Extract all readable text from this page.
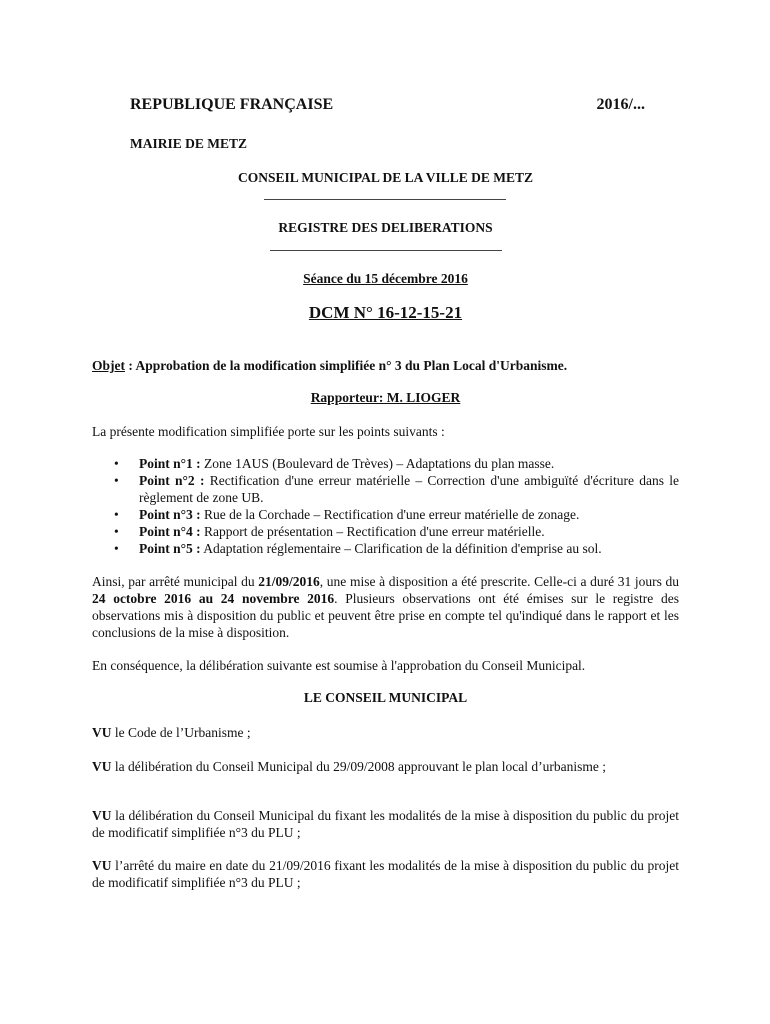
REPUBLIQUE FRANÇAISE	2016/...
MAIRIE DE METZ
CONSEIL MUNICIPAL DE LA VILLE DE METZ
REGISTRE DES DELIBERATIONS
Séance du 15 décembre 2016
DCM N° 16-12-15-21
Objet : Approbation de la modification simplifiée n° 3 du Plan Local d'Urbanisme.
Rapporteur: M. LIOGER
La présente modification simplifiée porte sur les points suivants :
• Point n°1 : Zone 1AUS (Boulevard de Trèves) – Adaptations du plan masse.
• Point n°2 : Rectification d'une erreur matérielle – Correction d'une ambiguïté d'écriture dans le règlement de zone UB.
• Point n°3 : Rue de la Corchade – Rectification d'une erreur matérielle de zonage.
• Point n°4 : Rapport de présentation – Rectification d'une erreur matérielle.
• Point n°5 : Adaptation réglementaire – Clarification de la définition d'emprise au sol.
Ainsi, par arrêté municipal du 21/09/2016, une mise à disposition a été prescrite. Celle-ci a duré 31 jours du 24 octobre 2016 au 24 novembre 2016. Plusieurs observations ont été émises sur le registre des observations mis à disposition du public et peuvent être prise en compte tel qu'indiqué dans le rapport et les conclusions de la mise à disposition.
En conséquence, la délibération suivante est soumise à l'approbation du Conseil Municipal.
LE CONSEIL MUNICIPAL
VU le Code de l’Urbanisme ;
VU la délibération du Conseil Municipal du 29/09/2008 approuvant le plan local d’urbanisme ;
VU la délibération du Conseil Municipal du fixant les modalités de la mise à disposition du public du projet de modificatif simplifiée n°3 du PLU ;
VU l’arrêté du maire en date du 21/09/2016 fixant les modalités de la mise à disposition du public du projet de modificatif simplifiée n°3 du PLU ;
